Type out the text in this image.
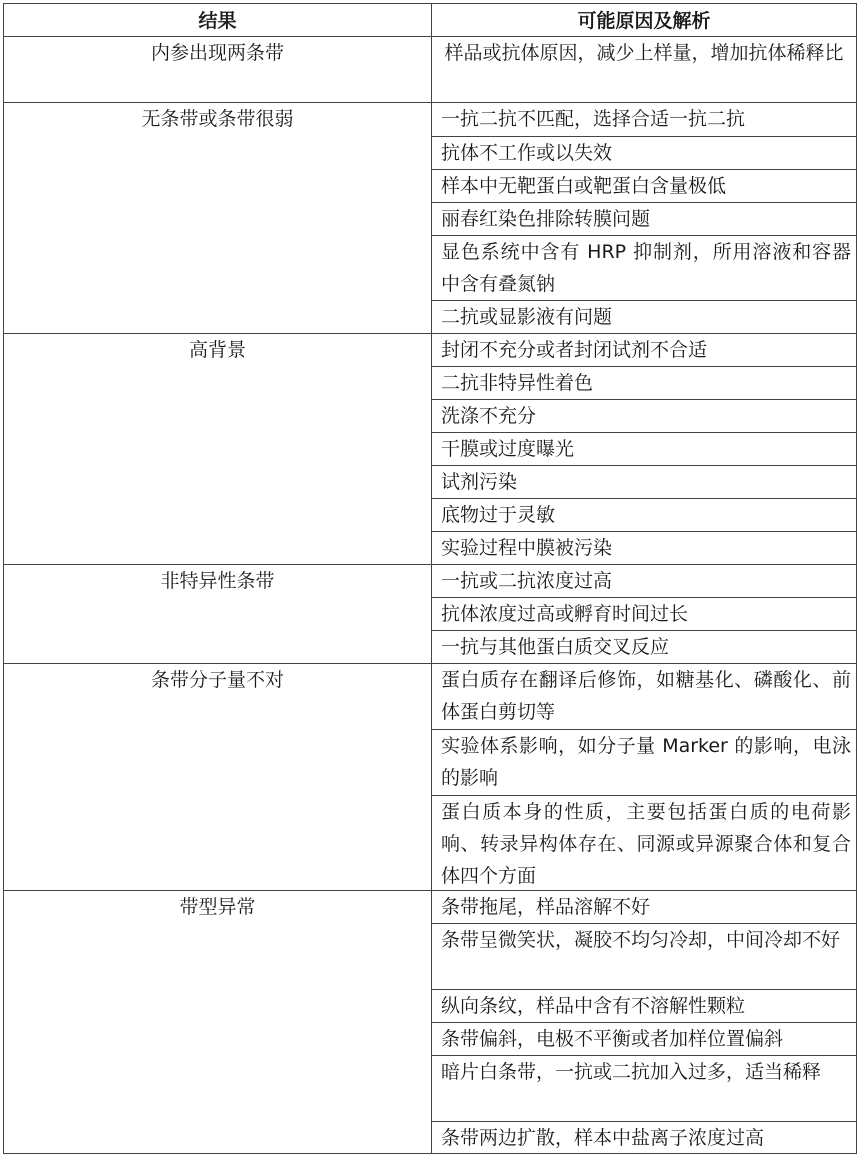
结果	可能原因及解析
内参出现两条带	样品或抗体原因，减少上样量，增加抗体稀释比
无条带或条带很弱	一抗二抗不匹配，选择合适一抗二抗
抗体不工作或以失效
样本中无靶蛋白或靶蛋白含量极低
丽春红染色排除转膜问题
显色系统中含有 HRP 抑制剂，所用溶液和容器中含有叠氮钠
二抗或显影液有问题
高背景	封闭不充分或者封闭试剂不合适
二抗非特异性着色
洗涤不充分
干膜或过度曝光
试剂污染
底物过于灵敏
实验过程中膜被污染
非特异性条带	一抗或二抗浓度过高
抗体浓度过高或孵育时间过长
一抗与其他蛋白质交叉反应
条带分子量不对	蛋白质存在翻译后修饰，如糖基化、磷酸化、前体蛋白剪切等
实验体系影响，如分子量 Marker 的影响，电泳的影响
蛋白质本身的性质，主要包括蛋白质的电荷影响、转录异构体存在、同源或异源聚合体和复合体四个方面
带型异常	条带拖尾，样品溶解不好
条带呈微笑状，凝胶不均匀冷却，中间冷却不好
纵向条纹，样品中含有不溶解性颗粒
条带偏斜，电极不平衡或者加样位置偏斜
暗片白条带，一抗或二抗加入过多，适当稀释
条带两边扩散，样本中盐离子浓度过高
